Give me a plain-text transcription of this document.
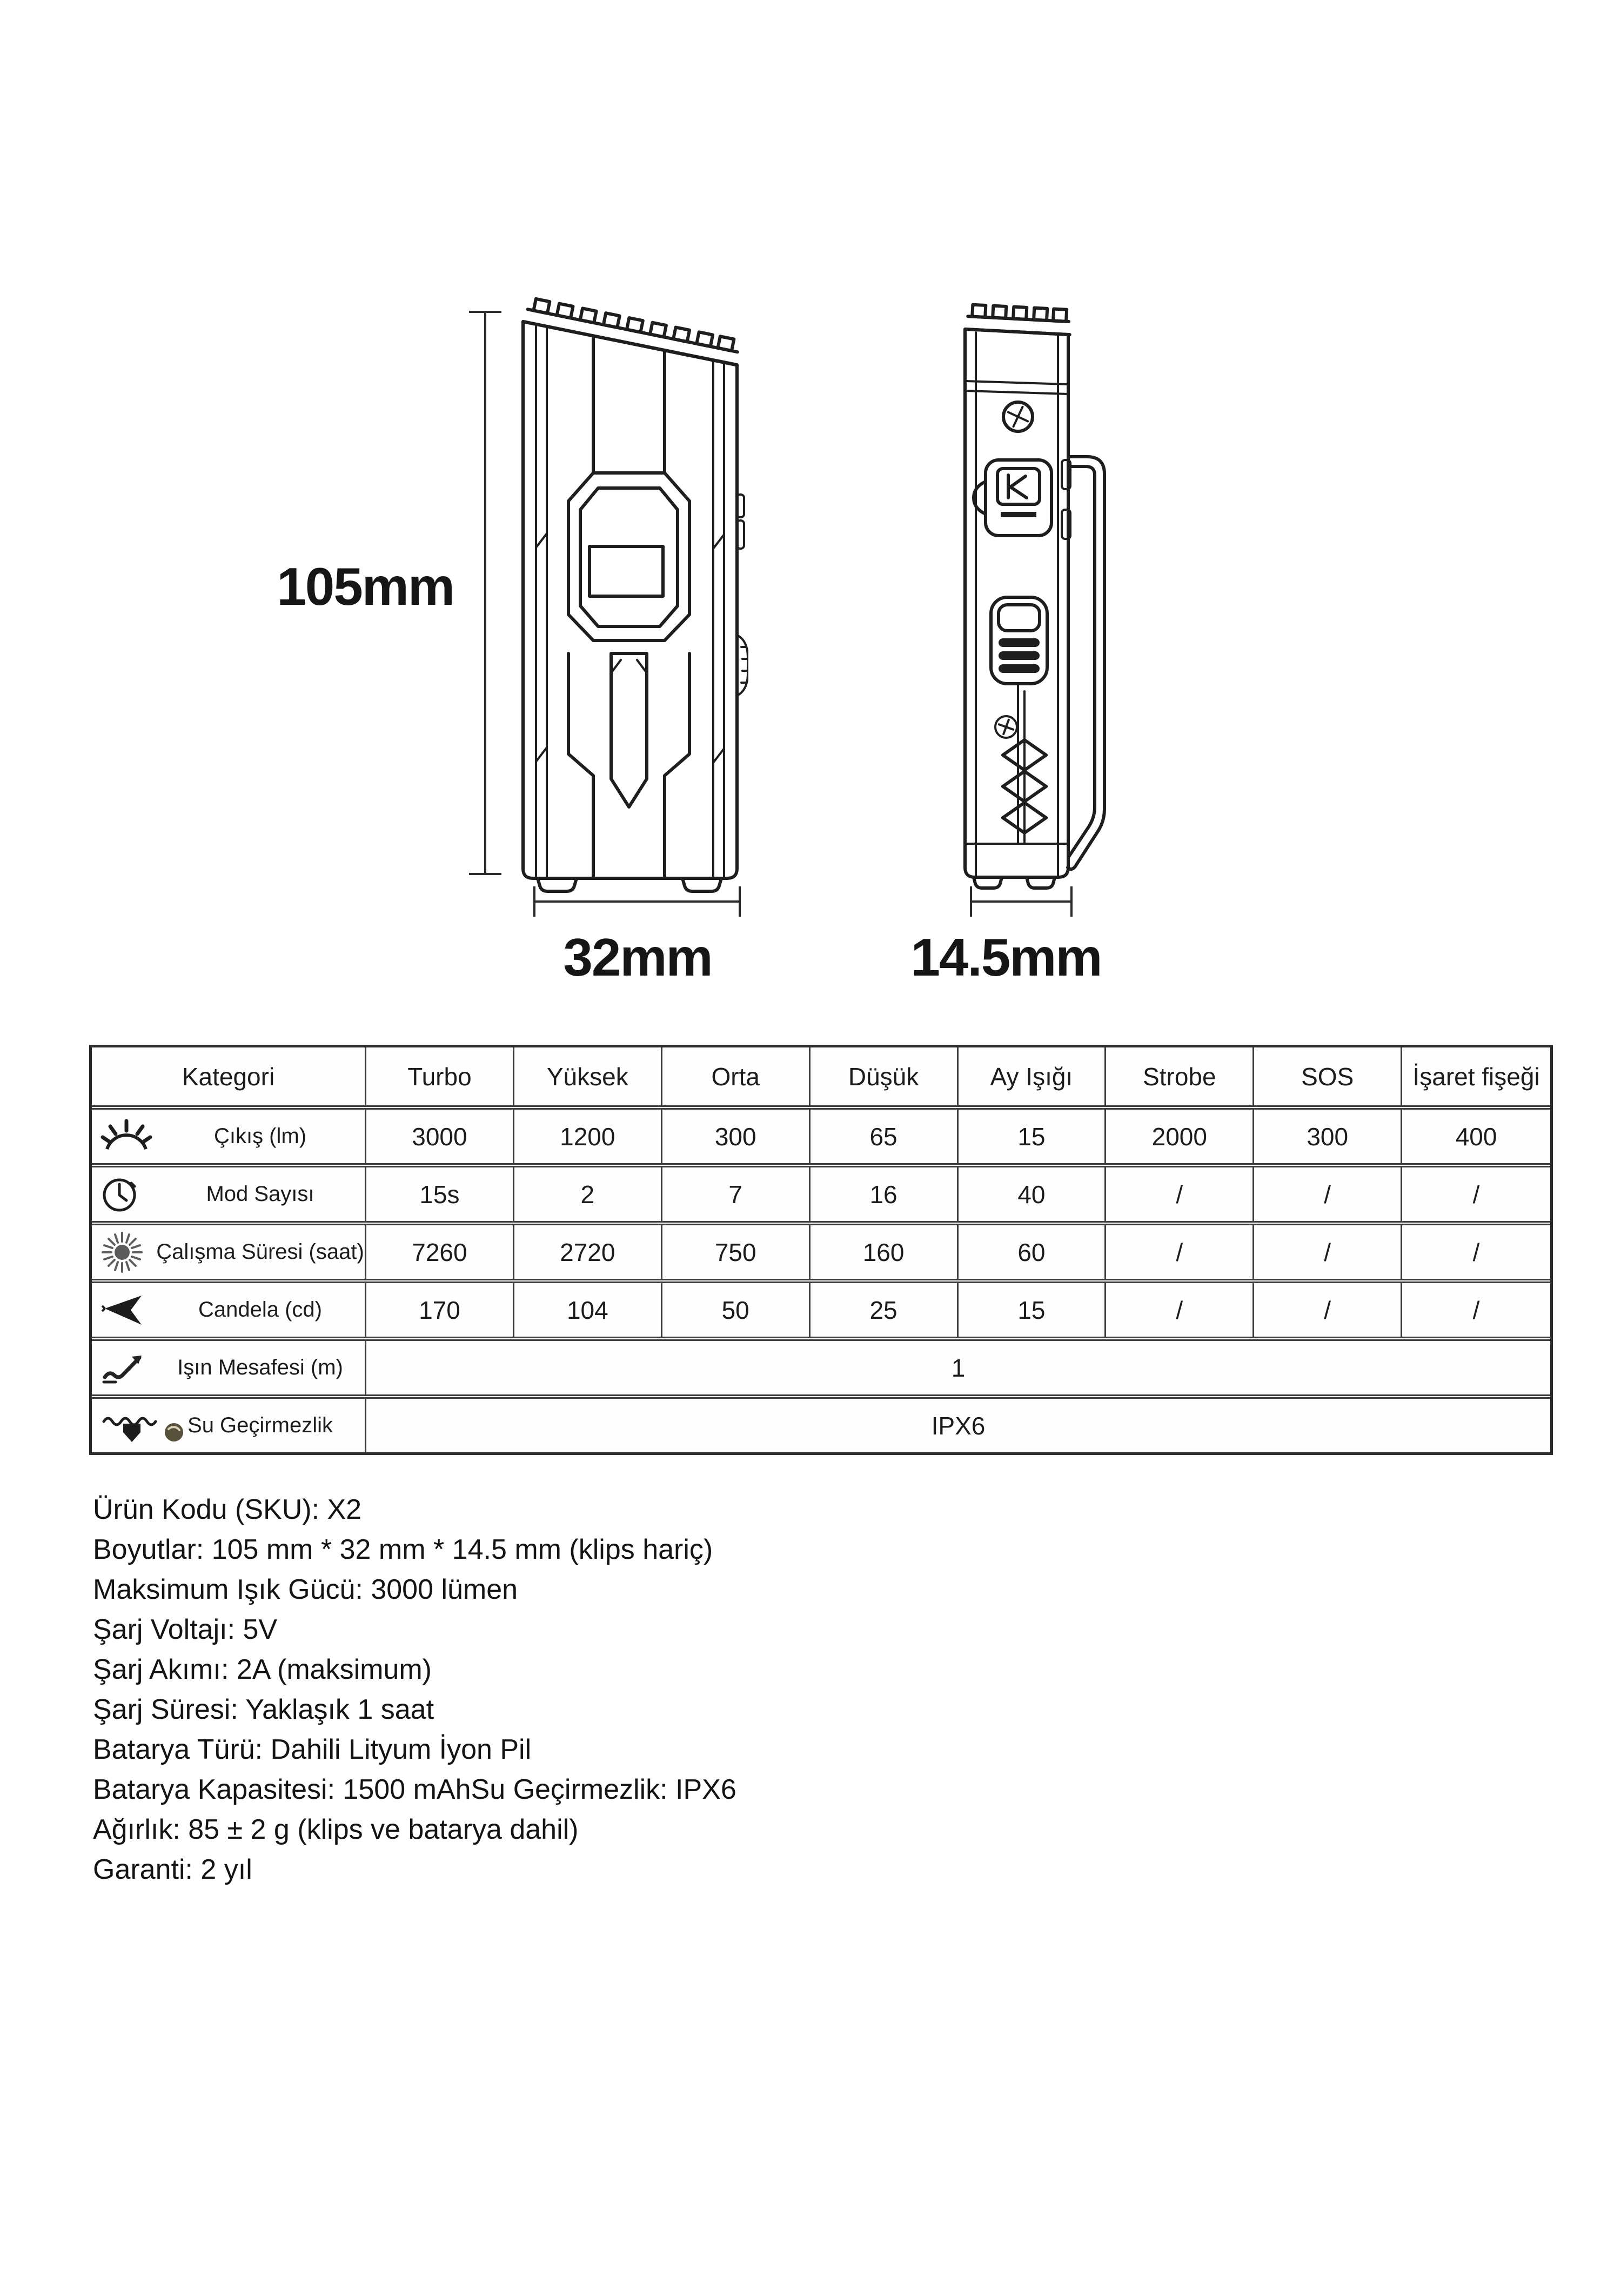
105mm
32mm	14.5mm
Kategori	Turbo	Yüksek	Orta	Düşük	Ay Işığı	Strobe	SOS	İşaret fişeği
Çıkış (lm)	3000	1200	300	65	15	2000	300	400
Mod Sayısı	15s	2	7	16	40	/	/	/
Çalışma Süresi (saat)	7260	2720	750	160	60	/	/	/
Candela (cd)	170	104	50	25	15	/	/	/
Işın Mesafesi (m)	1
Su Geçirmezlik	IPX6

Ürün Kodu (SKU): X2

Boyutlar: 105 mm * 32 mm * 14.5 mm (klips hariç)

Maksimum Işık Gücü: 3000 lümen

Şarj Voltajı: 5V

Şarj Akımı: 2A (maksimum)

Şarj Süresi: Yaklaşık 1 saat

Batarya Türü: Dahili Lityum İyon Pil

Batarya Kapasitesi: 1500 mAhSu Geçirmezlik: IPX6

Ağırlık: 85 ± 2 g (klips ve batarya dahil)

Garanti: 2 yıl
